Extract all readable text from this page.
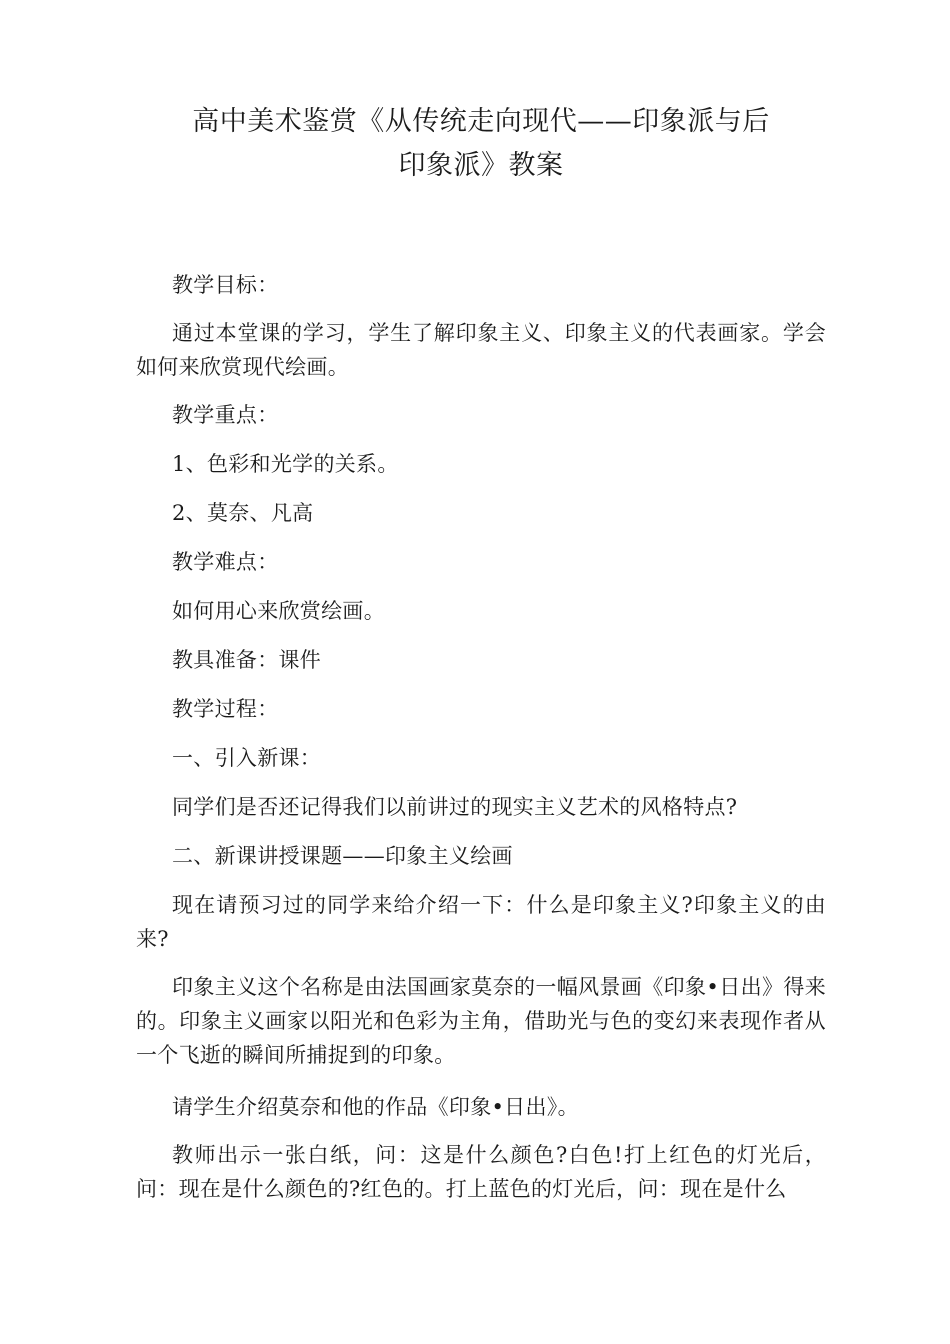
高中美术鉴赏《从传统走向现代——印象派与后
印象派》教案

教学目标：

通过本堂课的学习，学生了解印象主义、印象主义的代表画家。学会如何来欣赏现代绘画。

教学重点：

1、色彩和光学的关系。

2、莫奈、凡高

教学难点：

如何用心来欣赏绘画。

教具准备：课件

教学过程：

一、引入新课：

同学们是否还记得我们以前讲过的现实主义艺术的风格特点?

二、新课讲授课题——印象主义绘画

现在请预习过的同学来给介绍一下：什么是印象主义?印象主义的由来?

印象主义这个名称是由法国画家莫奈的一幅风景画《印象•日出》得来的。印象主义画家以阳光和色彩为主角，借助光与色的变幻来表现作者从一个飞逝的瞬间所捕捉到的印象。

请学生介绍莫奈和他的作品《印象•日出》。

教师出示一张白纸，问：这是什么颜色?白色!打上红色的灯光后，问：现在是什么颜色的?红色的。打上蓝色的灯光后，问：现在是什么
